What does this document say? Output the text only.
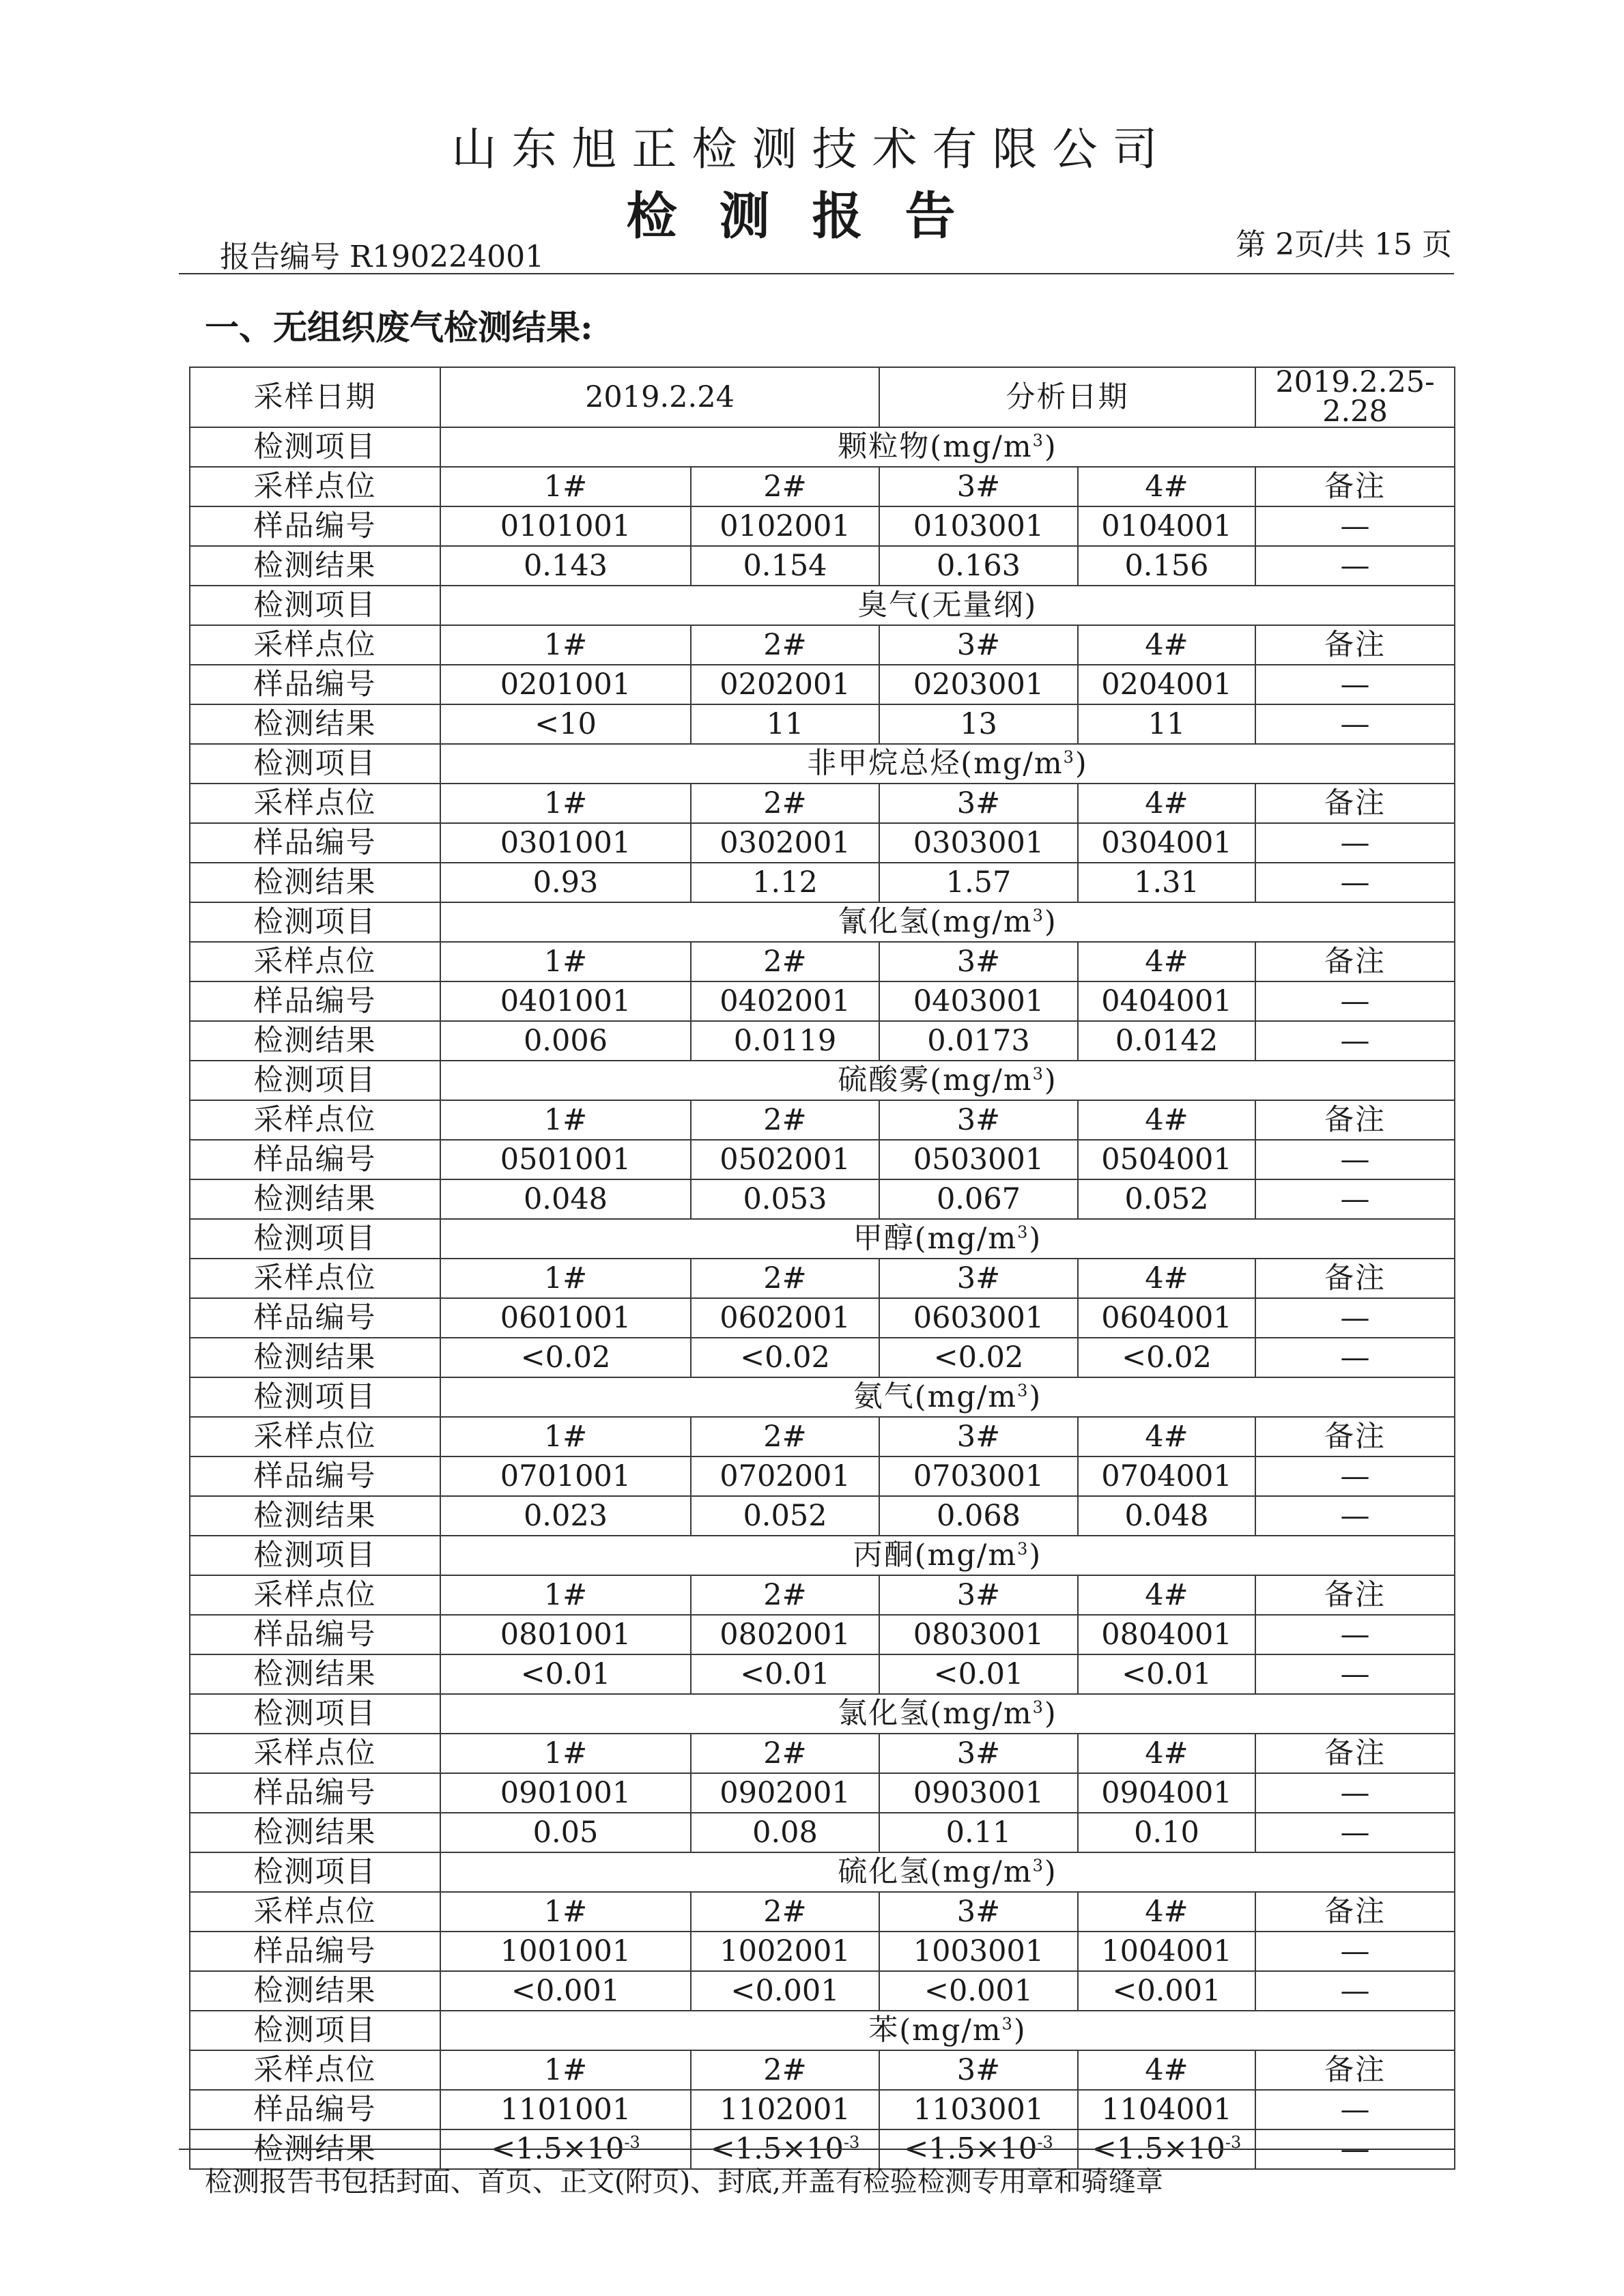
山东旭正检测技术有限公司
检测报告
报告编号 R190224001	第 2页/共 15 页
一、无组织废气检测结果:
采样日期	2019.2.24		分析日期		2019.2.25-2.28
检测项目	颗粒物$(mg/m^3)$				
采样点位	1#	2#	3#	4#	备注
样品编号	0101001	0102001	0103001	0104001	—
检测结果	0.143	0.154	0.163	0.156	—
检测项目	臭气(无量纲)				
采样点位	1#	2#	3#	4#	备注
样品编号	0201001	0202001	0203001	0204001	—
检测结果	<10	11	13	11	—
检测项目	非甲烷总烃$(mg/m^3)$				
采样点位	1#	2#	3#	4#	备注
样品编号	0301001	0302001	0303001	0304001	—
检测结果	0.93	1.12	1.57	1.31	—
检测项目	氰化氢$(mg/m^3)$				
采样点位	1#	2#	3#	4#	备注
样品编号	0401001	0402001	0403001	0404001	—
检测结果	0.006	0.0119	0.0173	0.0142	—
检测项目	硫酸雾$(mg/m^3)$				
采样点位	1#	2#	3#	4#	备注
样品编号	0501001	0502001	0503001	0504001	—
检测结果	0.048	0.053	0.067	0.052	—
检测项目	甲醇$(mg/m^3)$				
采样点位	1#	2#	3#	4#	备注
样品编号	0601001	0602001	0603001	0604001	—
检测结果	<0.02	<0.02	<0.02	<0.02	—
检测项目	氨气$(mg/m^3)$				
采样点位	1#	2#	3#	4#	备注
样品编号	0701001	0702001	0703001	0704001	—
检测结果	0.023	0.052	0.068	0.048	—
检测项目	丙酮$(mg/m^3)$				
采样点位	1#	2#	3#	4#	备注
样品编号	0801001	0802001	0803001	0804001	—
检测结果	<0.01	<0.01	<0.01	<0.01	—
检测项目	氯化氢$(mg/m^3)$				
采样点位	1#	2#	3#	4#	备注
样品编号	0901001	0902001	0903001	0904001	—
检测结果	0.05	0.08	0.11	0.10	—
检测项目	硫化氢$(mg/m^3)$				
采样点位	1#	2#	3#	4#	备注
样品编号	1001001	1002001	1003001	1004001	—
检测结果	<0.001	<0.001	<0.001	<0.001	—
检测项目	苯$(mg/m^3)$				
采样点位	1#	2#	3#	4#	备注
样品编号	1101001	1102001	1103001	1104001	—
检测结果	$<1.5\times 10^{-3}$	$<1.5\times 10^{-3}$	$<1.5\times 10^{-3}$	$<1.5\times 10^{-3}$	—
检测报告书包括封面、首页、正文(附页)、封底,并盖有检验检测专用章和骑缝章
